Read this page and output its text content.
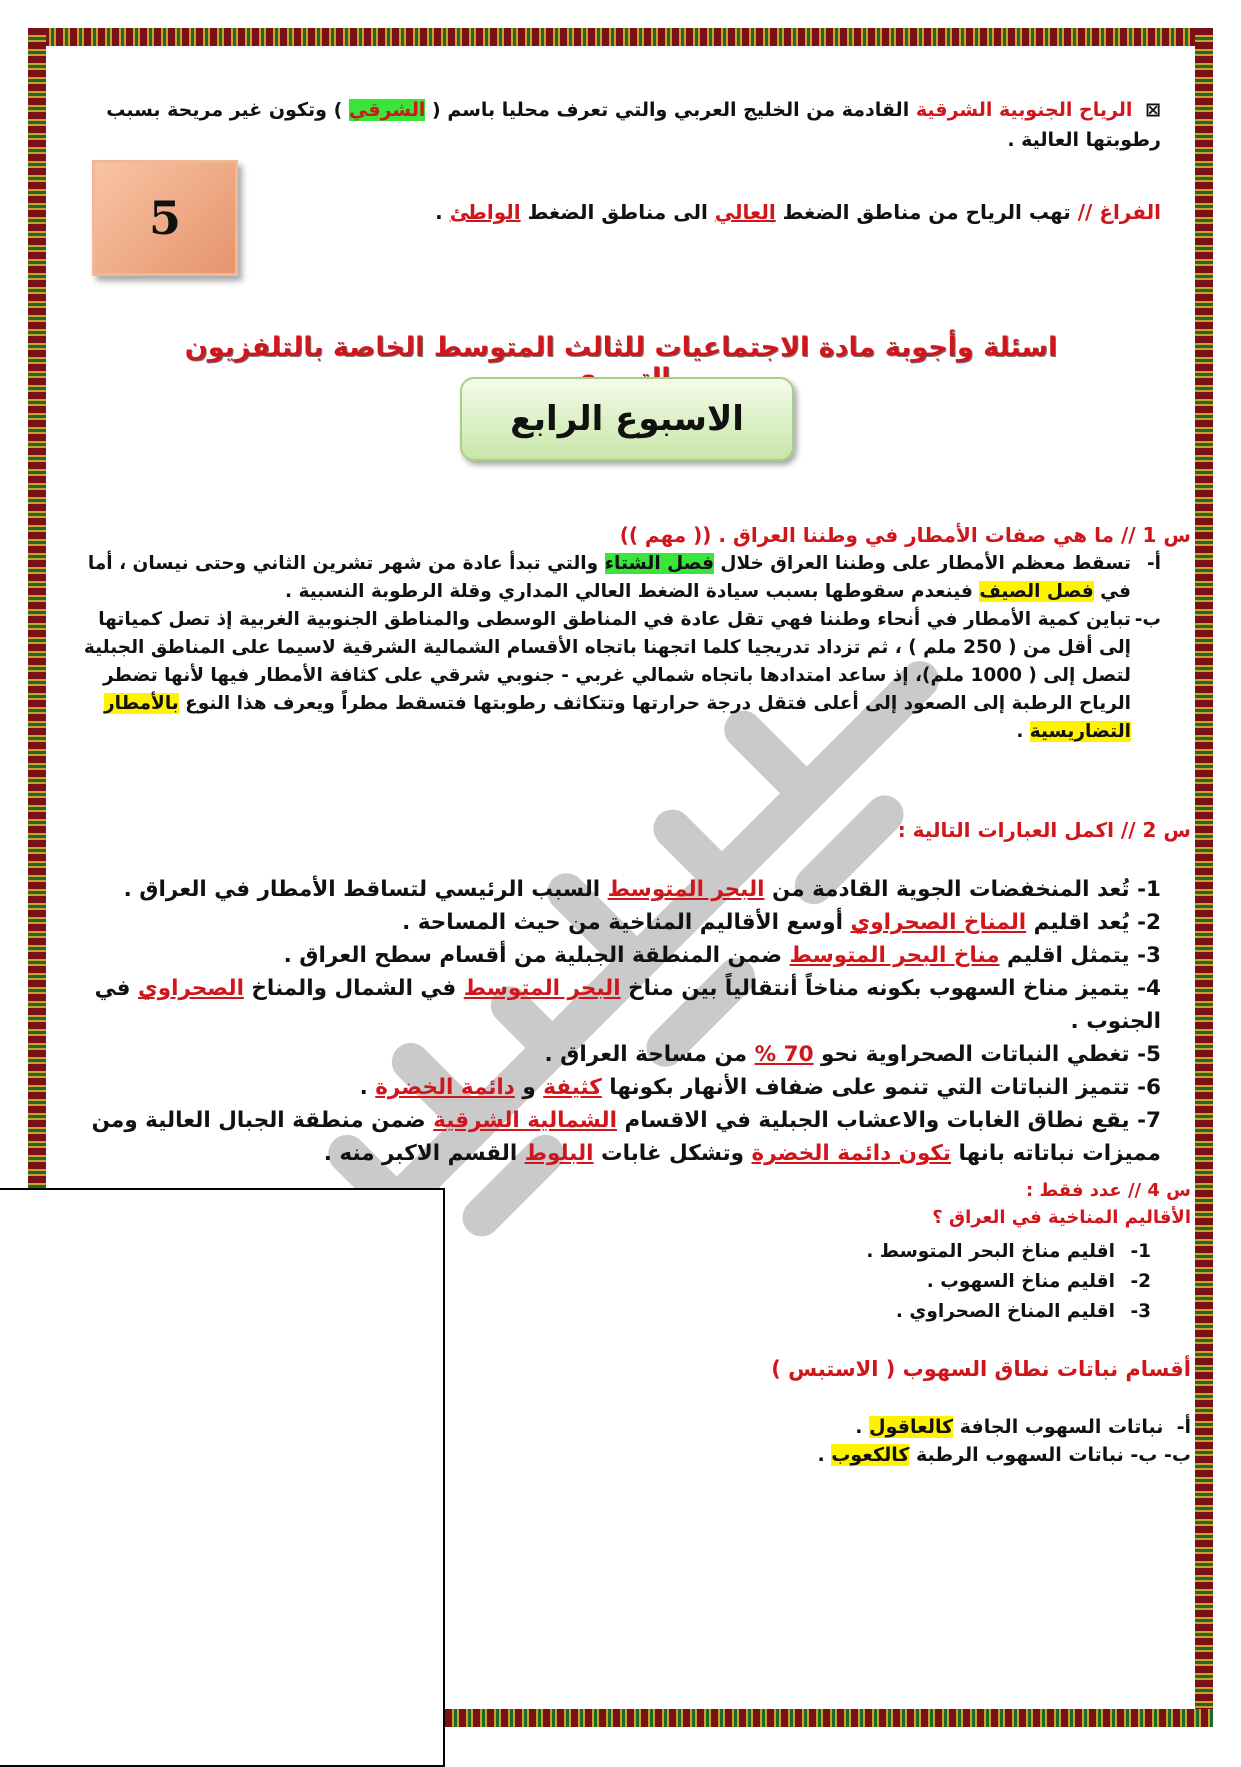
⊠ الرياح الجنوبية الشرقية القادمة من الخليج العربي والتي تعرف محليا باسم ( الشرقي ) وتكون غير مريحة بسبب رطوبتها العالية .
5	الفراغ // تهب الرياح من مناطق الضغط العالي الى مناطق الضغط الواطئ .
اسئلة وأجوبة مادة الاجتماعيات للثالث المتوسط الخاصة بالتلفزيون
الاسبوع الرابع
س 1 // ما هي صفات الأمطار في وطننا العراق . (( مهم ))
أ-
تسقط معظم الأمطار على وطننا العراق خلال فصل الشتاء والتي تبدأ عادة من شهر تشرين الثاني وحتى نيسان ، أما في فصل الصيف فينعدم سقوطها بسبب سيادة الضغط العالي المداري وقلة الرطوبة النسبية .
ب-
تباين كمية الأمطار في أنحاء وطننا فهي تقل عادة في المناطق الوسطى والمناطق الجنوبية الغربية إذ تصل كمياتها إلى أقل من ( 250 ملم ) ، ثم تزداد تدريجيا كلما اتجهنا باتجاه الأقسام الشمالية الشرقية لاسيما على المناطق الجبلية لتصل إلى ( 1000 ملم)، إذ ساعد امتدادها باتجاه شمالي غربي - جنوبي شرقي على كثافة الأمطار فيها لأنها تضطر الرياح الرطبة إلى الصعود إلى أعلى فتقل درجة حرارتها وتتكاثف رطوبتها فتسقط مطراً ويعرف هذا النوع بالأمطار التضاريسية .
س 2 // اكمل العبارات التالية :
1- تُعد المنخفضات الجوية القادمة من البحر المتوسط السبب الرئيسي لتساقط الأمطار في العراق .
2- يُعد اقليم المناخ الصحراوي أوسع الأقاليم المناخية من حيث المساحة .
3- يتمثل اقليم مناخ البحر المتوسط ضمن المنطقة الجبلية من أقسام سطح العراق .
4- يتميز مناخ السهوب بكونه مناخاً أنتقالياً بين مناخ البحر المتوسط في الشمال والمناخ الصحراوي في الجنوب .
5- تغطي النباتات الصحراوية نحو 70 % من مساحة العراق .
6- تتميز النباتات التي تنمو على ضفاف الأنهار بكونها كثيفة و دائمة الخضرة .
7- يقع نطاق الغابات والاعشاب الجبلية في الاقسام الشمالية الشرقية ضمن منطقة الجبال العالية ومن مميزات نباتاته بانها تكون دائمة الخضرة وتشكل غابات البلوط القسم الاكبر منه .
س 4 // عدد فقط :
الأقاليم المناخية في العراق ؟
1-
اقليم مناخ البحر المتوسط .
2-
اقليم مناخ السهوب .
3-
اقليم المناخ الصحراوي .
أقسام نباتات نطاق السهوب ( الاستبس )
أ-  نباتات السهوب الجافة كالعاقول .
ب- ب- نباتات السهوب الرطبة كالكعوب .
